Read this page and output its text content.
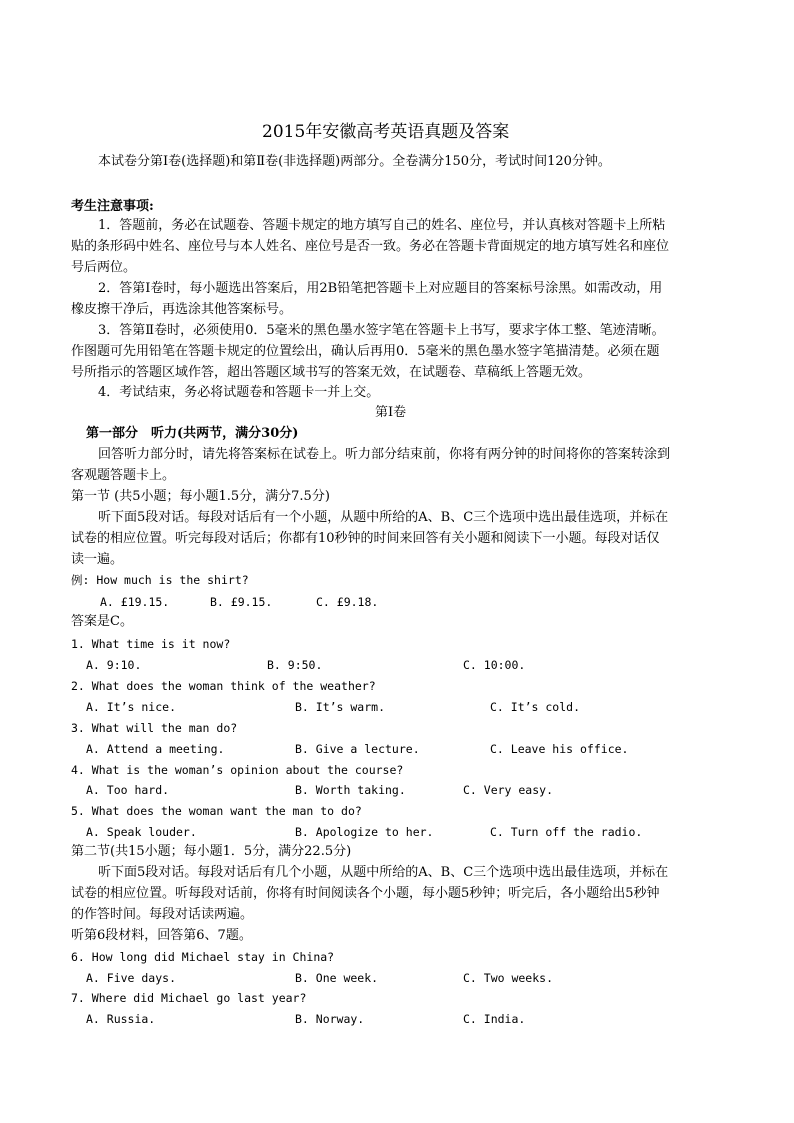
2015年安徽高考英语真题及答案
本试卷分第Ⅰ卷(选择题)和第Ⅱ卷(非选择题)两部分。全卷满分150分，考试时间120分钟。
考生注意事项:
1．答题前，务必在试题卷、答题卡规定的地方填写自己的姓名、座位号，并认真核对答题卡上所粘
贴的条形码中姓名、座位号与本人姓名、座位号是否一致。务必在答题卡背面规定的地方填写姓名和座位
号后两位。
2．答第Ⅰ卷时，每小题选出答案后，用2B铅笔把答题卡上对应题目的答案标号涂黑。如需改动，用
橡皮擦干净后，再选涂其他答案标号。
3．答第Ⅱ卷时，必须使用0．5毫米的黑色墨水签字笔在答题卡上书写，要求字体工整、笔迹清晰。
作图题可先用铅笔在答题卡规定的位置绘出，确认后再用0．5毫米的黑色墨水签字笔描清楚。必须在题
号所指示的答题区域作答，超出答题区域书写的答案无效，在试题卷、草稿纸上答题无效。
4．考试结束，务必将试题卷和答题卡一并上交。
第Ⅰ卷
第一部分　听力(共两节，满分30分)
回答听力部分时，请先将答案标在试卷上。听力部分结束前，你将有两分钟的时间将你的答案转涂到
客观题答题卡上。
第一节 (共5小题；每小题1.5分，满分7.5分)
听下面5段对话。每段对话后有一个小题，从题中所给的A、B、C三个选项中选出最佳选项，并标在
试卷的相应位置。听完每段对话后；你都有10秒钟的时间来回答有关小题和阅读下一小题。每段对话仅
读一遍。
例: How much is the shirt?
A. £19.15.	B. £9.15.	C. £9.18.
答案是C。
1. What time is it now?
A. 9:10.	B. 9:50.	C. 10:00.
2. What does the woman think of the weather?
A. It’s nice.	B. It’s warm.	C. It’s cold.
3. What will the man do?
A. Attend a meeting.	B. Give a lecture.	C. Leave his office.
4. What is the woman’s opinion about the course?
A. Too hard.	B. Worth taking.	C. Very easy.
5. What does the woman want the man to do?
A. Speak louder.	B. Apologize to her.	C. Turn off the radio.
第二节(共15小题；每小题1．5分，满分22.5分)
听下面5段对话。每段对话后有几个小题，从题中所给的A、B、C三个选项中选出最佳选项，并标在
试卷的相应位置。听每段对话前，你将有时间阅读各个小题，每小题5秒钟；听完后，各小题给出5秒钟
的作答时间。每段对话读两遍。
听第6段材料，回答第6、7题。
6. How long did Michael stay in China?
A. Five days.	B. One week.	C. Two weeks.
7. Where did Michael go last year?
A. Russia.	B. Norway.	C. India.
